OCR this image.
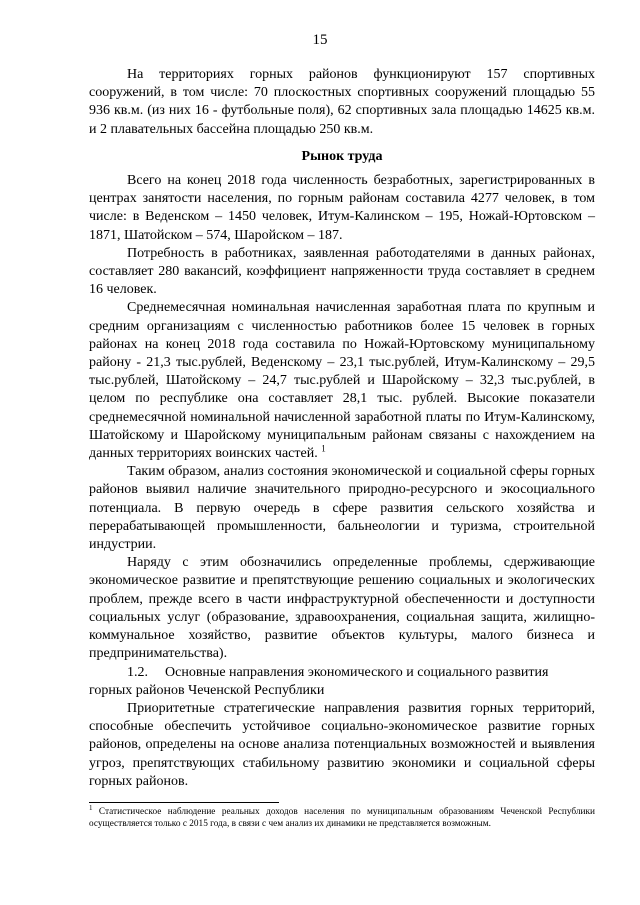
15

На территориях горных районов функционируют 157 спортивных сооружений, в том числе: 70 плоскостных спортивных сооружений площадью 55 936 кв.м. (из них 16 - футбольные поля), 62 спортивных зала площадью 14625 кв.м. и 2 плавательных бассейна площадью 250 кв.м.

Рынок труда

Всего на конец 2018 года численность безработных, зарегистрированных в центрах занятости населения, по горным районам составила 4277 человек, в том числе: в Веденском – 1450 человек, Итум-Калинском – 195, Ножай-Юртовском – 1871, Шатойском – 574, Шаройском – 187.

Потребность в работниках, заявленная работодателями в данных районах, составляет 280 вакансий, коэффициент напряженности труда составляет в среднем 16 человек.

Среднемесячная номинальная начисленная заработная плата по крупным и средним организациям с численностью работников более 15 человек в горных районах на конец 2018 года составила по Ножай-Юртовскому муниципальному району - 21,3 тыс.рублей, Веденскому – 23,1 тыс.рублей, Итум-Калинскому – 29,5 тыс.рублей, Шатойскому – 24,7 тыс.рублей и Шаройскому – 32,3 тыс.рублей, в целом по республике она составляет 28,1 тыс. рублей. Высокие показатели среднемесячной номинальной начисленной заработной платы по Итум-Калинскому, Шатойскому и Шаройскому муниципальным районам связаны с нахождением на данных территориях воинских частей. $^1$

Таким образом, анализ состояния экономической и социальной сферы горных районов выявил наличие значительного природно-ресурсного и экосоциального потенциала. В первую очередь в сфере развития сельского хозяйства и перерабатывающей промышленности, бальнеологии и туризма, строительной индустрии.

Наряду с этим обозначились определенные проблемы, сдерживающие экономическое развитие и препятствующие решению социальных и экологических проблем, прежде всего в части инфраструктурной обеспеченности и доступности социальных услуг (образование, здравоохранения, социальная защита, жилищно-коммунальное хозяйство, развитие объектов культуры, малого бизнеса и предпринимательства).

1.2. Основные направления экономического и социального развития горных районов Чеченской Республики

Приоритетные стратегические направления развития горных территорий, способные обеспечить устойчивое социально-экономическое развитие горных районов, определены на основе анализа потенциальных возможностей и выявления угроз, препятствующих стабильному развитию экономики и социальной сферы горных районов.

$^1$ Статистическое наблюдение реальных доходов населения по муниципальным образованиям Чеченской Республики осуществляется только с 2015 года, в связи с чем анализ их динамики не представляется возможным.
